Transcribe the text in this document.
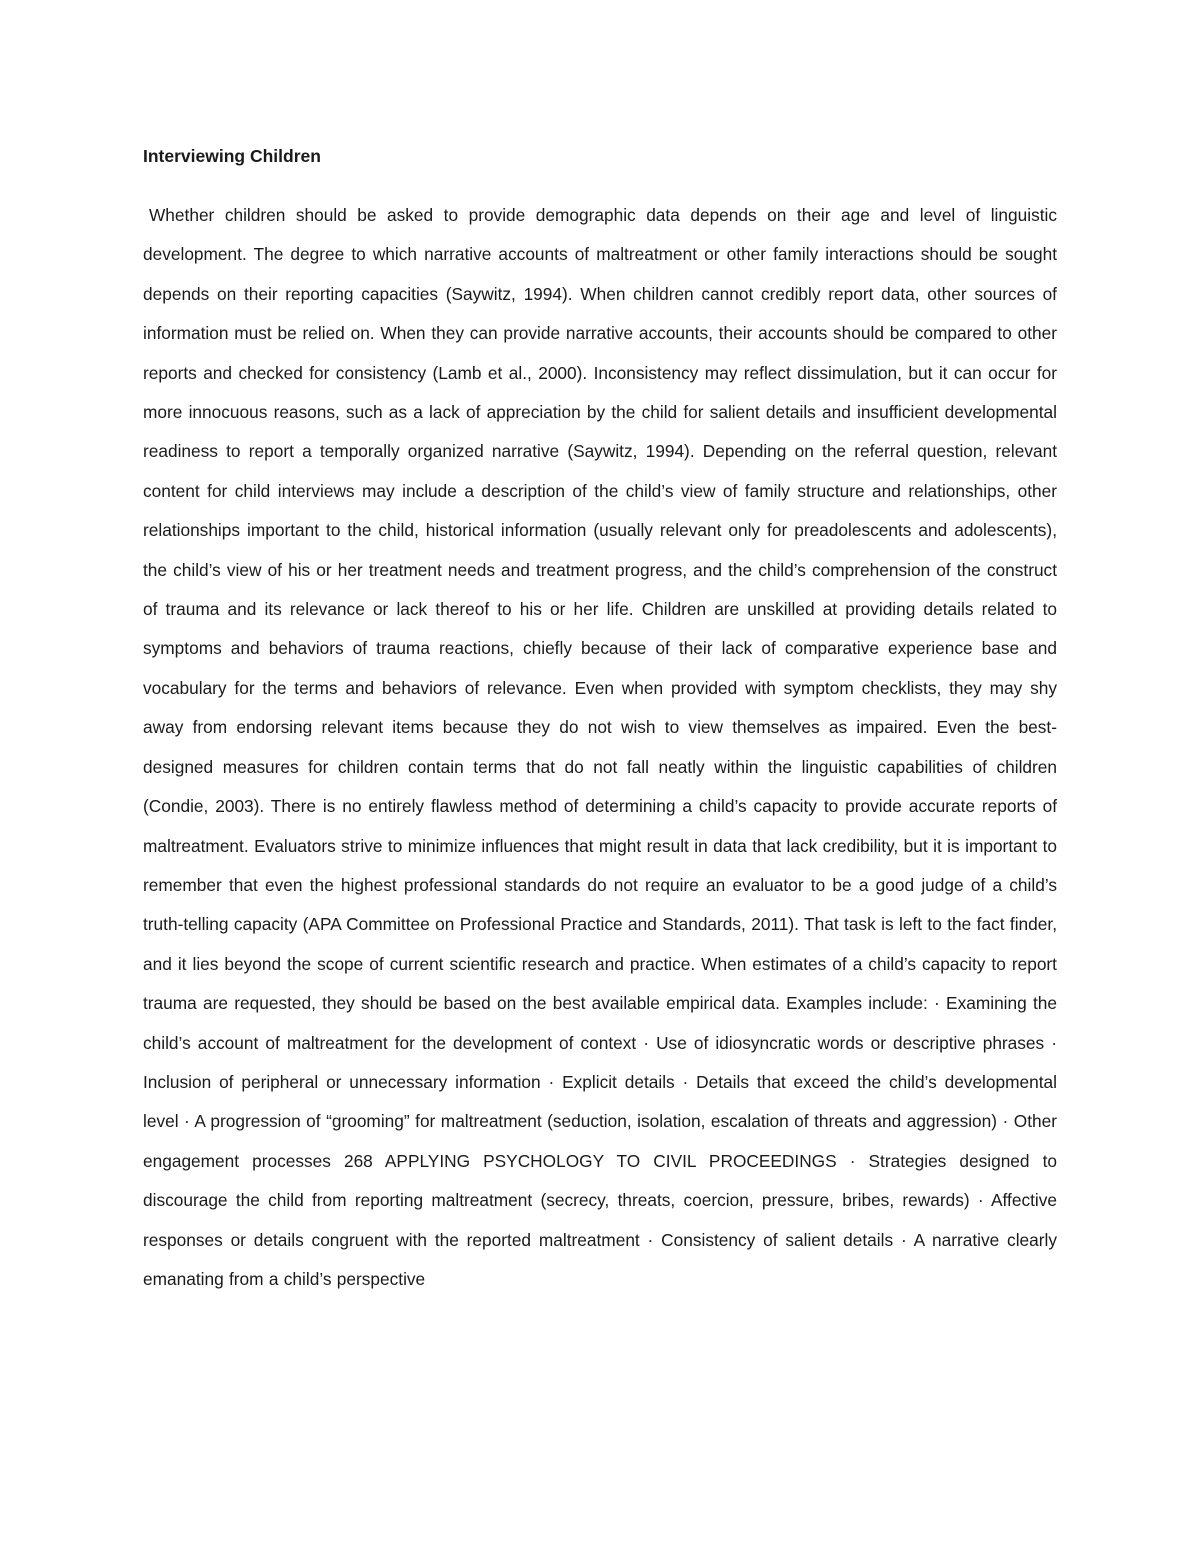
Interviewing Children

Whether children should be asked to provide demographic data depends on their age and level of linguistic development. The degree to which narrative accounts of maltreatment or other family interactions should be sought depends on their reporting capacities (Saywitz, 1994). When children cannot credibly report data, other sources of information must be relied on. When they can provide narrative accounts, their accounts should be compared to other reports and checked for consistency (Lamb et al., 2000). Inconsistency may reflect dissimulation, but it can occur for more innocuous reasons, such as a lack of appreciation by the child for salient details and insufficient developmental readiness to report a temporally organized narrative (Saywitz, 1994). Depending on the referral question, relevant content for child interviews may include a description of the child’s view of family structure and relationships, other relationships important to the child, historical information (usually relevant only for preadolescents and adolescents), the child’s view of his or her treatment needs and treatment progress, and the child’s comprehension of the construct of trauma and its relevance or lack thereof to his or her life. Children are unskilled at providing details related to symptoms and behaviors of trauma reactions, chiefly because of their lack of comparative experience base and vocabulary for the terms and behaviors of relevance. Even when provided with symptom checklists, they may shy away from endorsing relevant items because they do not wish to view themselves as impaired. Even the best-designed measures for children contain terms that do not fall neatly within the linguistic capabilities of children (Condie, 2003). There is no entirely flawless method of determining a child’s capacity to provide accurate reports of maltreatment. Evaluators strive to minimize influences that might result in data that lack credibility, but it is important to remember that even the highest professional standards do not require an evaluator to be a good judge of a child’s truth-telling capacity (APA Committee on Professional Practice and Standards, 2011). That task is left to the fact finder, and it lies beyond the scope of current scientific research and practice. When estimates of a child’s capacity to report trauma are requested, they should be based on the best available empirical data. Examples include: · Examining the child’s account of maltreatment for the development of context · Use of idiosyncratic words or descriptive phrases · Inclusion of peripheral or unnecessary information · Explicit details · Details that exceed the child’s developmental level · A progression of “grooming” for maltreatment (seduction, isolation, escalation of threats and aggression) · Other engagement processes 268 APPLYING PSYCHOLOGY TO CIVIL PROCEEDINGS · Strategies designed to discourage the child from reporting maltreatment (secrecy, threats, coercion, pressure, bribes, rewards) · Affective responses or details congruent with the reported maltreatment · Consistency of salient details · A narrative clearly emanating from a child’s perspective
